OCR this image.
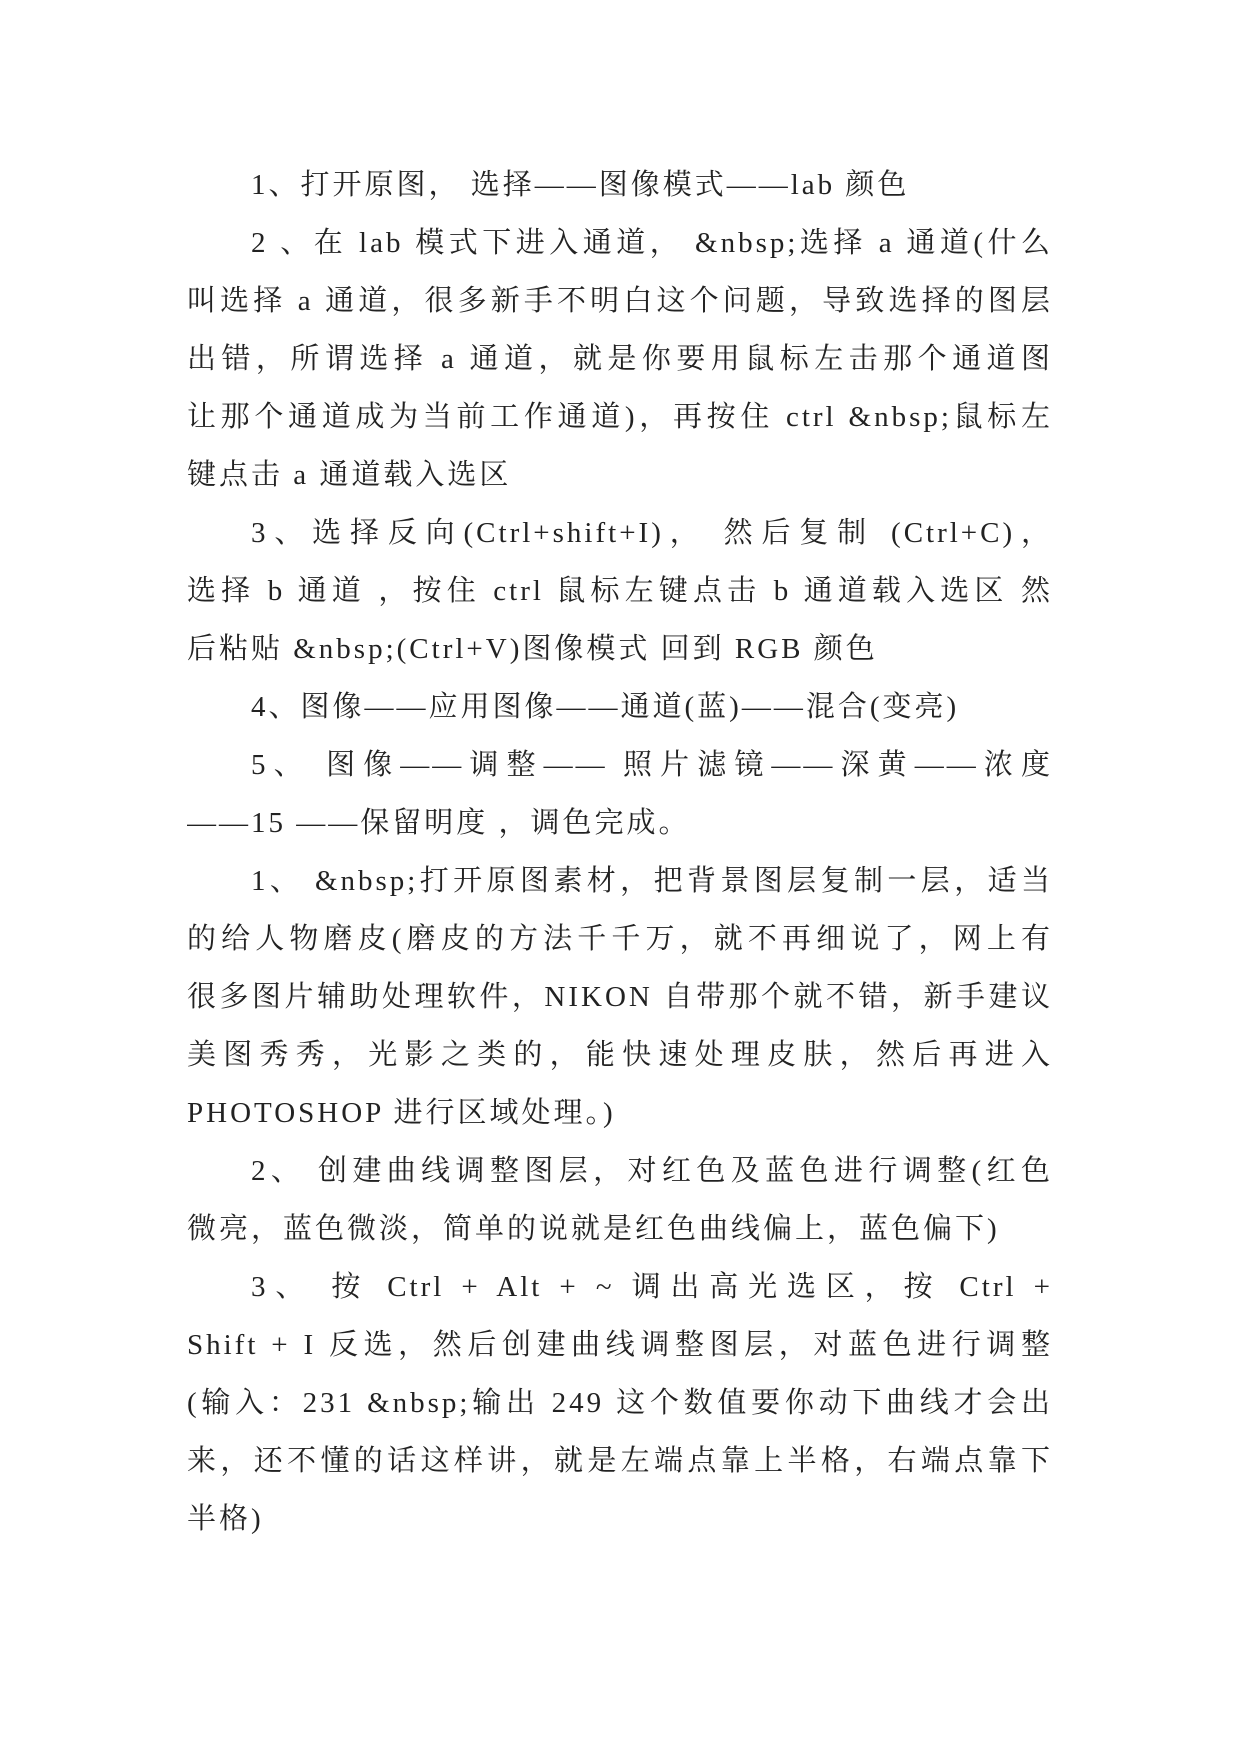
1、打开原图， 选择——图像模式——lab 颜色
2 、在 lab 模式下进入通道， &nbsp;选择 a 通道(什么
叫选择 a 通道，很多新手不明白这个问题，导致选择的图层
出错，所谓选择 a 通道，就是你要用鼠标左击那个通道图
让那个通道成为当前工作通道)，再按住 ctrl &nbsp;鼠标左
键点击 a 通道载入选区
3、选择反向(Ctrl+shift+I)， 然后复制 (Ctrl+C)，
选择 b 通道 ，按住 ctrl 鼠标左键点击 b 通道载入选区 然
后粘贴 &nbsp;(Ctrl+V)图像模式 回到 RGB 颜色
4、图像——应用图像——通道(蓝)——混合(变亮)
5、 图像——调整—— 照片滤镜——深黄——浓度
——15 ——保留明度 ，调色完成。
1、 &nbsp;打开原图素材，把背景图层复制一层，适当
的给人物磨皮(磨皮的方法千千万，就不再细说了，网上有
很多图片辅助处理软件，NIKON 自带那个就不错，新手建议
美图秀秀，光影之类的，能快速处理皮肤，然后再进入
PHOTOSHOP 进行区域处理。)
2、 创建曲线调整图层，对红色及蓝色进行调整(红色
微亮，蓝色微淡，简单的说就是红色曲线偏上，蓝色偏下)
3、 按 Ctrl + Alt + ~ 调出高光选区，按 Ctrl +
Shift + I 反选，然后创建曲线调整图层，对蓝色进行调整
(输入：231 &nbsp;输出 249 这个数值要你动下曲线才会出
来，还不懂的话这样讲，就是左端点靠上半格，右端点靠下
半格)
